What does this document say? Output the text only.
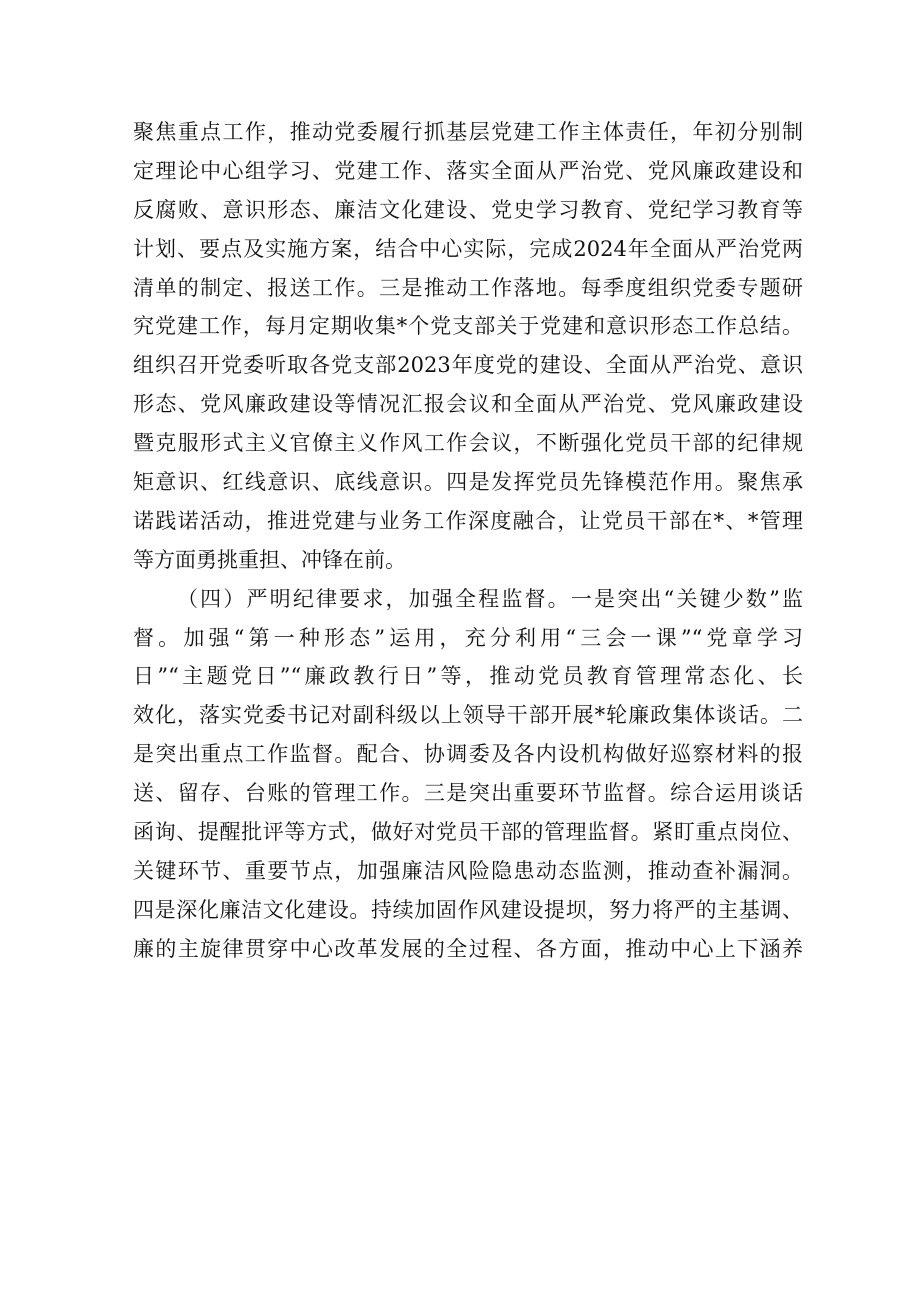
聚焦重点工作，推动党委履行抓基层党建工作主体责任，年初分别制
定理论中心组学习、党建工作、落实全面从严治党、党风廉政建设和
反腐败、意识形态、廉洁文化建设、党史学习教育、党纪学习教育等
计划、要点及实施方案，结合中心实际，完成2024年全面从严治党两
清单的制定、报送工作。三是推动工作落地。每季度组织党委专题研
究党建工作，每月定期收集*个党支部关于党建和意识形态工作总结。
组织召开党委听取各党支部2023年度党的建设、全面从严治党、意识
形态、党风廉政建设等情况汇报会议和全面从严治党、党风廉政建设
暨克服形式主义官僚主义作风工作会议，不断强化党员干部的纪律规
矩意识、红线意识、底线意识。四是发挥党员先锋模范作用。聚焦承
诺践诺活动，推进党建与业务工作深度融合，让党员干部在*、*管理
等方面勇挑重担、冲锋在前。
（四）严明纪律要求，加强全程监督。一是突出“关键少数”监
督。加强“第一种形态”运用，充分利用“三会一课”“党章学习
日”“主题党日”“廉政教行日”等，推动党员教育管理常态化、长
效化，落实党委书记对副科级以上领导干部开展*轮廉政集体谈话。二
是突出重点工作监督。配合、协调委及各内设机构做好巡察材料的报
送、留存、台账的管理工作。三是突出重要环节监督。综合运用谈话
函询、提醒批评等方式，做好对党员干部的管理监督。紧盯重点岗位、
关键环节、重要节点，加强廉洁风险隐患动态监测，推动查补漏洞。
四是深化廉洁文化建设。持续加固作风建设提坝，努力将严的主基调、
廉的主旋律贯穿中心改革发展的全过程、各方面，推动中心上下涵养
